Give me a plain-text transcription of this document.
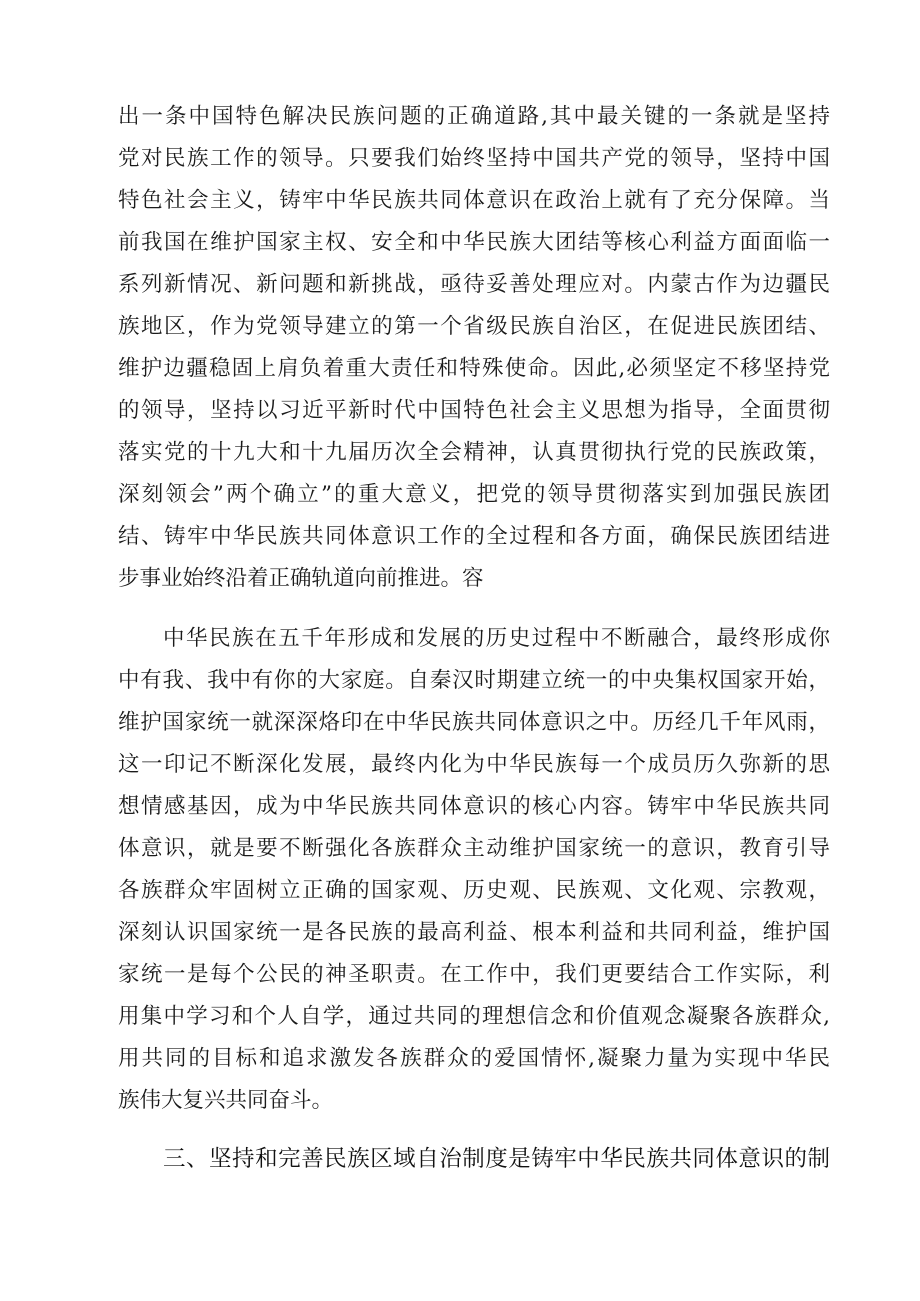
出一条中国特色解决民族问题的正确道路,其中最关键的一条就是坚持
党对民族工作的领导。只要我们始终坚持中国共产党的领导，坚持中国
特色社会主义，铸牢中华民族共同体意识在政治上就有了充分保障。当
前我国在维护国家主权、安全和中华民族大团结等核心利益方面面临一
系列新情况、新问题和新挑战，亟待妥善处理应对。内蒙古作为边疆民
族地区，作为党领导建立的第一个省级民族自治区，在促进民族团结、
维护边疆稳固上肩负着重大责任和特殊使命。因此,必须坚定不移坚持党
的领导，坚持以习近平新时代中国特色社会主义思想为指导，全面贯彻
落实党的十九大和十九届历次全会精神，认真贯彻执行党的民族政策，
深刻领会”两个确立”的重大意义，把党的领导贯彻落实到加强民族团
结、铸牢中华民族共同体意识工作的全过程和各方面，确保民族团结进
步事业始终沿着正确轨道向前推进。容
中华民族在五千年形成和发展的历史过程中不断融合，最终形成你
中有我、我中有你的大家庭。自秦汉时期建立统一的中央集权国家开始，
维护国家统一就深深烙印在中华民族共同体意识之中。历经几千年风雨，
这一印记不断深化发展，最终内化为中华民族每一个成员历久弥新的思
想情感基因，成为中华民族共同体意识的核心内容。铸牢中华民族共同
体意识，就是要不断强化各族群众主动维护国家统一的意识，教育引导
各族群众牢固树立正确的国家观、历史观、民族观、文化观、宗教观，
深刻认识国家统一是各民族的最高利益、根本利益和共同利益，维护国
家统一是每个公民的神圣职责。在工作中，我们更要结合工作实际，利
用集中学习和个人自学，通过共同的理想信念和价值观念凝聚各族群众,
用共同的目标和追求激发各族群众的爱国情怀,凝聚力量为实现中华民
族伟大复兴共同奋斗。
三、坚持和完善民族区域自治制度是铸牢中华民族共同体意识的制
